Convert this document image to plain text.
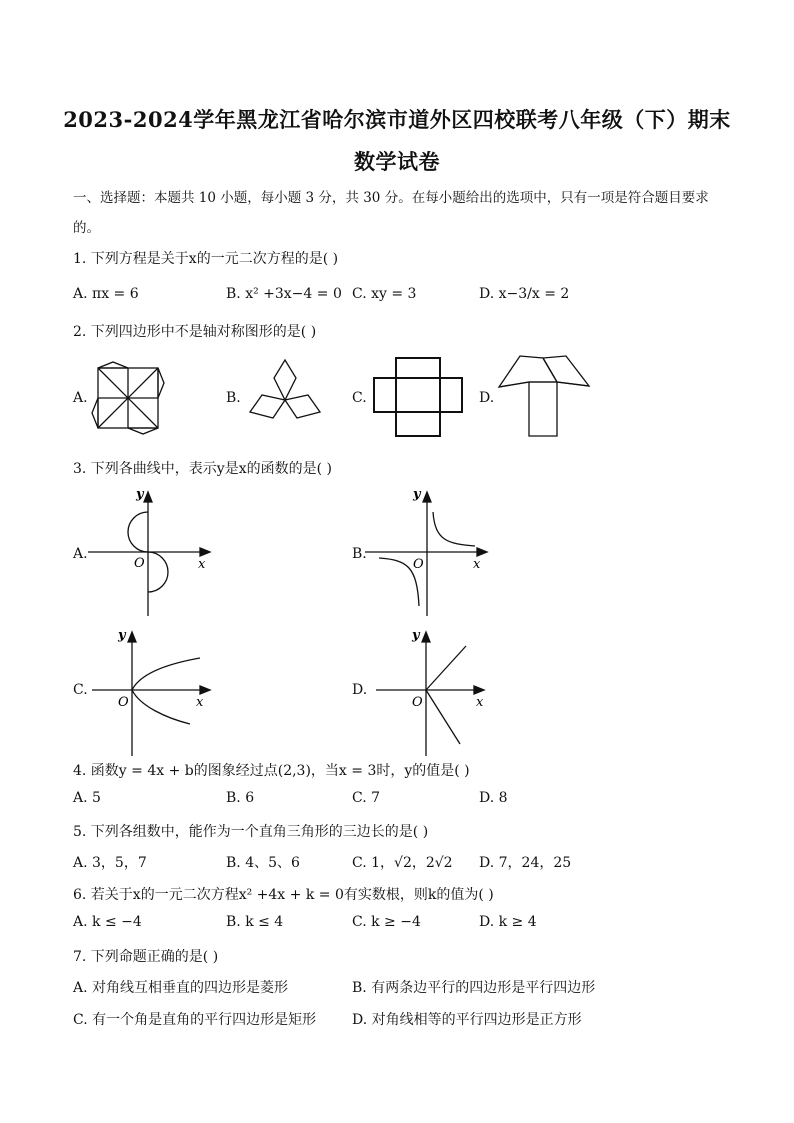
2023-2024学年黑龙江省哈尔滨市道外区四校联考八年级（下）期末
数学试卷
一、选择题：本题共 10 小题，每小题 3 分，共 30 分。在每小题给出的选项中，只有一项是符合题目要求
的。
1. 下列方程是关于x的一元二次方程的是( )
A. πx = 6	B. x² +3x−4 = 0 C. xy = 3	D. x−3/x = 2
2. 下列四边形中不是轴对称图形的是( )
A.	B.	C.	D.
3. 下列各曲线中，表示y是x的函数的是( )
A.	B.
C.	D.
y
x
O
y
x
O
y
x
O
y
x
O
4. 函数y = 4x + b的图象经过点(2,3)，当x = 3时，y的值是( )
A. 5	B. 6	C. 7	D. 8
5. 下列各组数中，能作为一个直角三角形的三边长的是( )
A. 3，5，7	B. 4、5、6	C. 1，√2，2√2 D. 7，24，25
6. 若关于x的一元二次方程x² +4x + k = 0有实数根，则k的值为( )
A. k ≤ −4	B. k ≤ 4	C. k ≥ −4	D. k ≥ 4
7. 下列命题正确的是( )
A. 对角线互相垂直的四边形是菱形	B. 有两条边平行的四边形是平行四边形
C. 有一个角是直角的平行四边形是矩形	D. 对角线相等的平行四边形是正方形
